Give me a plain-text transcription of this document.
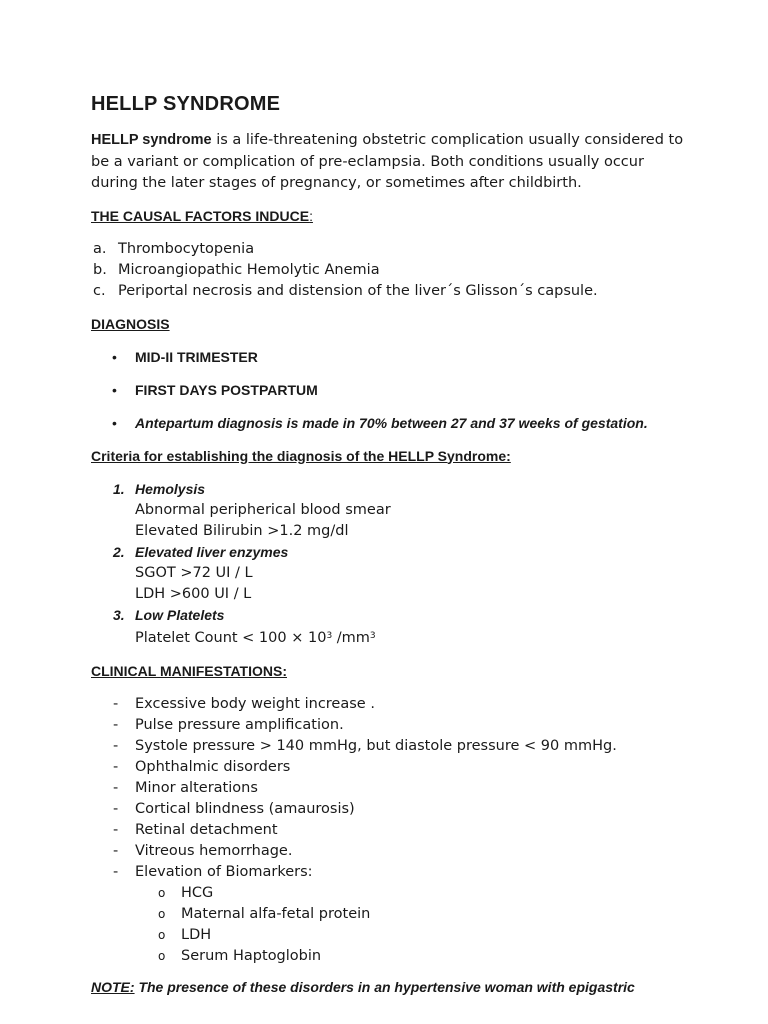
HELLP SYNDROME

HELLP syndrome is a life-threatening obstetric complication usually considered to be a variant or complication of pre-eclampsia. Both conditions usually occur during the later stages of pregnancy, or sometimes after childbirth.

THE CAUSAL FACTORS INDUCE:
a. Thrombocytopenia
b. Microangiopathic Hemolytic Anemia
c. Periportal necrosis and distension of the liver´s Glisson´s capsule.
DIAGNOSIS
•	MID-II TRIMESTER
•	FIRST DAYS POSTPARTUM
•	Antepartum diagnosis is made in 70% between 27 and 37 weeks of gestation.
Criteria for establishing the diagnosis of the HELLP Syndrome:
1. Hemolysis
Abnormal peripherical blood smear
Elevated Bilirubin >1.2 mg/dl
2. Elevated liver enzymes
SGOT >72 UI / L
LDH >600 UI / L
3. Low Platelets
Platelet Count < $100 \times 10^3$ $/mm^3$
CLINICAL MANIFESTATIONS:
-	Excessive body weight increase .
-	Pulse pressure amplification.
-	Systole pressure > 140 mmHg, but diastole pressure < 90 mmHg.
-	Ophthalmic disorders
-	Minor alterations
-	Cortical blindness (amaurosis)
-	Retinal detachment
-	Vitreous hemorrhage.
-	Elevation of Biomarkers:
o	HCG
o	Maternal alfa-fetal protein
o	LDH
o	Serum Haptoglobin

NOTE: The presence of these disorders in an hypertensive woman with epigastric
